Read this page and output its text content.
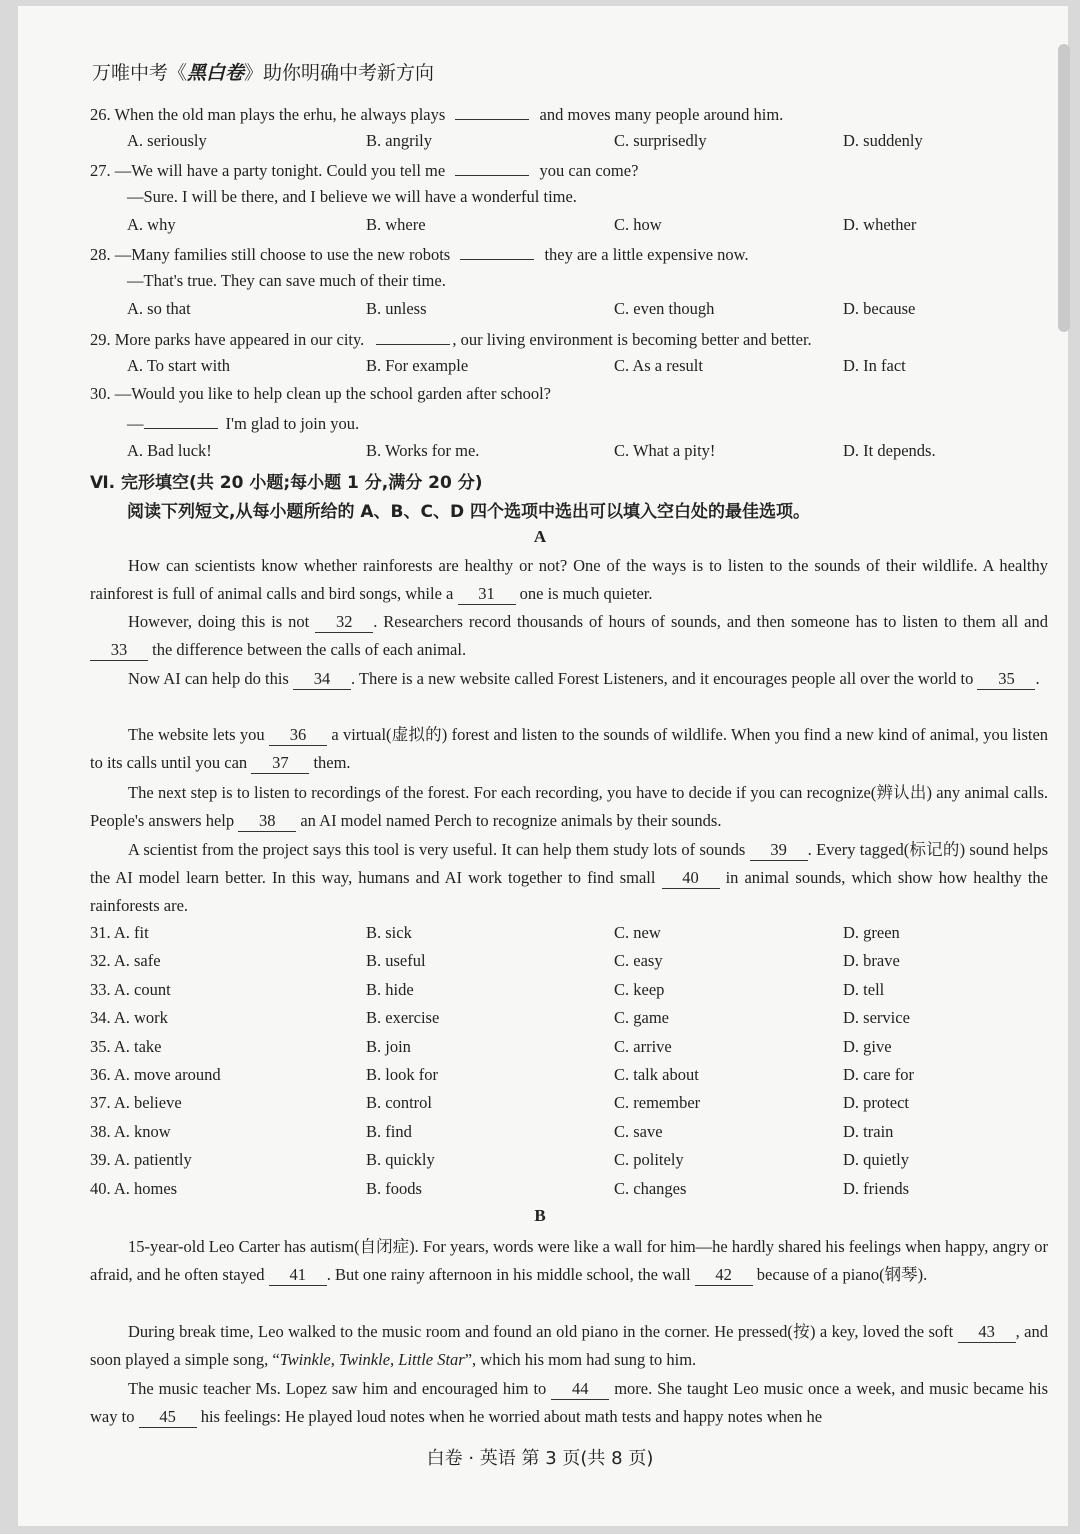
万唯中考《黑白卷》助你明确中考新方向
26. When the old man plays the erhu, he always plays	and moves many people around him.
A. seriously	B. angrily	C. surprisedly	D. suddenly
27. —We will have a party tonight. Could you tell me	you can come?
—Sure. I will be there, and I believe we will have a wonderful time.
A. why	B. where	C. how	D. whether
28. —Many families still choose to use the new robots	they are a little expensive now.
—That's true. They can save much of their time.
A. so that	B. unless	C. even though	D. because
29. More parks have appeared in our city.	, our living environment is becoming better and better.
A. To start with	B. For example	C. As a result	D. In fact
30. —Would you like to help clean up the school garden after school?
—	I'm glad to join you.
A. Bad luck!	B. Works for me.	C. What a pity!	D. It depends.
Ⅵ. 完形填空(共 20 小题;每小题 1 分,满分 20 分)
阅读下列短文,从每小题所给的 A、B、C、D 四个选项中选出可以填入空白处的最佳选项。
A
How can scientists know whether rainforests are healthy or not? One of the ways is to listen to the sounds of their wildlife. A healthy rainforest is full of animal calls and bird songs, while a 31 one is much quieter.
However, doing this is not 32 . Researchers record thousands of hours of sounds, and then someone has to listen to them all and 33 the difference between the calls of each animal.
Now AI can help do this 34 . There is a new website called Forest Listeners, and it encourages people all over the world to 35 .
The website lets you 36 a virtual(虚拟的) forest and listen to the sounds of wildlife. When you find a new kind of animal, you listen to its calls until you can 37 them.
The next step is to listen to recordings of the forest. For each recording, you have to decide if you can recognize(辨认出) any animal calls. People's answers help 38 an AI model named Perch to recognize animals by their sounds.
A scientist from the project says this tool is very useful. It can help them study lots of sounds 39 . Every tagged(标记的) sound helps the AI model learn better. In this way, humans and AI work together to find small 40 in animal sounds, which show how healthy the rainforests are.
31. A. fit	B. sick	C. new	D. green
32. A. safe	B. useful	C. easy	D. brave
33. A. count	B. hide	C. keep	D. tell
34. A. work	B. exercise	C. game	D. service
35. A. take	B. join	C. arrive	D. give
36. A. move around	B. look for	C. talk about	D. care for
37. A. believe	B. control	C. remember	D. protect
38. A. know	B. find	C. save	D. train
39. A. patiently	B. quickly	C. politely	D. quietly
40. A. homes	B. foods	C. changes	D. friends
B
15-year-old Leo Carter has autism(自闭症). For years, words were like a wall for him—he hardly shared his feelings when happy, angry or afraid, and he often stayed 41 . But one rainy afternoon in his middle school, the wall 42 because of a piano(钢琴).
During break time, Leo walked to the music room and found an old piano in the corner. He pressed(按) a key, loved the soft 43 , and soon played a simple song, “Twinkle, Twinkle, Little Star”, which his mom had sung to him.
The music teacher Ms. Lopez saw him and encouraged him to 44 more. She taught Leo music once a week, and music became his way to 45 his feelings: He played loud notes when he worried about math tests and happy notes when he
白卷 · 英语 第 3 页(共 8 页)
